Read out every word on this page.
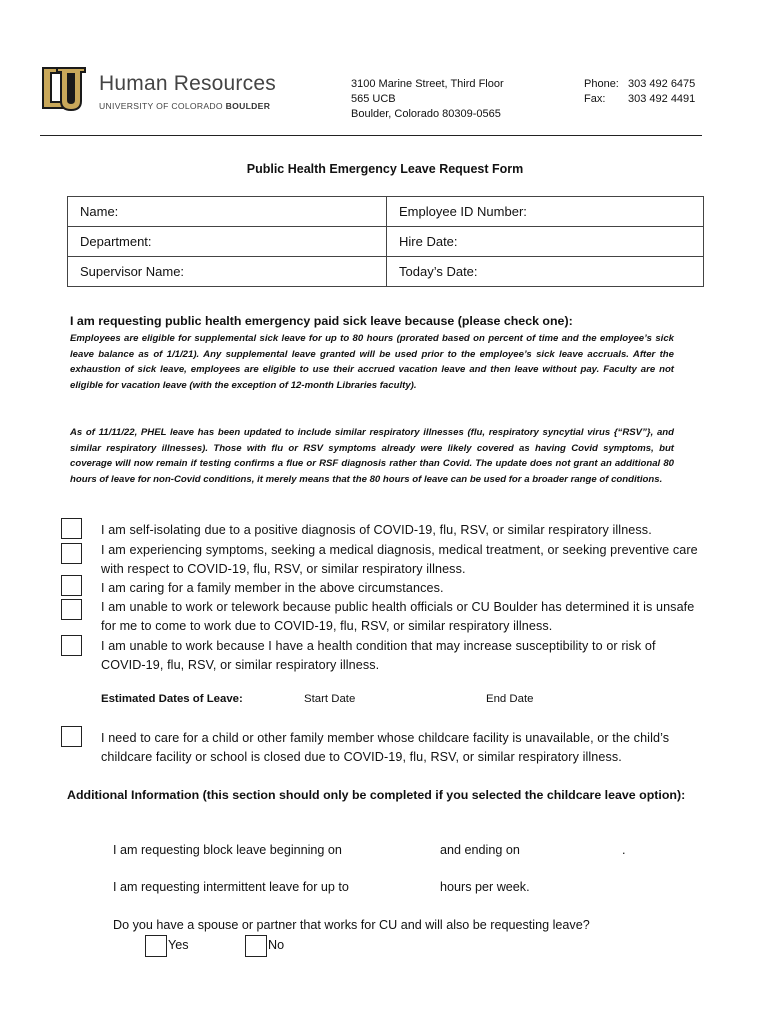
Human Resources
UNIVERSITY OF COLORADO BOULDER
3100 Marine Street, Third Floor
565 UCB
Boulder, Colorado 80309-0565
Phone: 303 492 6475
Fax: 303 492 4491
Public Health Emergency Leave Request Form
Name:	Employee ID Number:
Department:	Hire Date:
Supervisor Name:	Today’s Date:
I am requesting public health emergency paid sick leave because (please check one):
Employees are eligible for supplemental sick leave for up to 80 hours (prorated based on percent of time and the employee’s sick leave balance as of 1/1/21). Any supplemental leave granted will be used prior to the employee’s sick leave accruals. After the exhaustion of sick leave, employees are eligible to use their accrued vacation leave and then leave without pay. Faculty are not eligible for vacation leave (with the exception of 12-month Libraries faculty).
As of 11/11/22, PHEL leave has been updated to include similar respiratory illnesses (flu, respiratory syncytial virus {“RSV”}, and similar respiratory illnesses). Those with flu or RSV symptoms already were likely covered as having Covid symptoms, but coverage will now remain if testing confirms a flue or RSF diagnosis rather than Covid. The update does not grant an additional 80 hours of leave for non-Covid conditions, it merely means that the 80 hours of leave can be used for a broader range of conditions.
I am self-isolating due to a positive diagnosis of COVID-19, flu, RSV, or similar respiratory illness.
I am experiencing symptoms, seeking a medical diagnosis, medical treatment, or seeking preventive care with respect to COVID-19, flu, RSV, or similar respiratory illness.
I am caring for a family member in the above circumstances.
I am unable to work or telework because public health officials or CU Boulder has determined it is unsafe for me to come to work due to COVID-19, flu, RSV, or similar respiratory illness.
I am unable to work because I have a health condition that may increase susceptibility to or risk of COVID-19, flu, RSV, or similar respiratory illness.
Estimated Dates of Leave:	Start Date	End Date
I need to care for a child or other family member whose childcare facility is unavailable, or the child’s childcare facility or school is closed due to COVID-19, flu, RSV, or similar respiratory illness.
Additional Information (this section should only be completed if you selected the childcare leave option):
I am requesting block leave beginning on	and ending on	.
I am requesting intermittent leave for up to	hours per week.
Do you have a spouse or partner that works for CU and will also be requesting leave?
Yes	No
